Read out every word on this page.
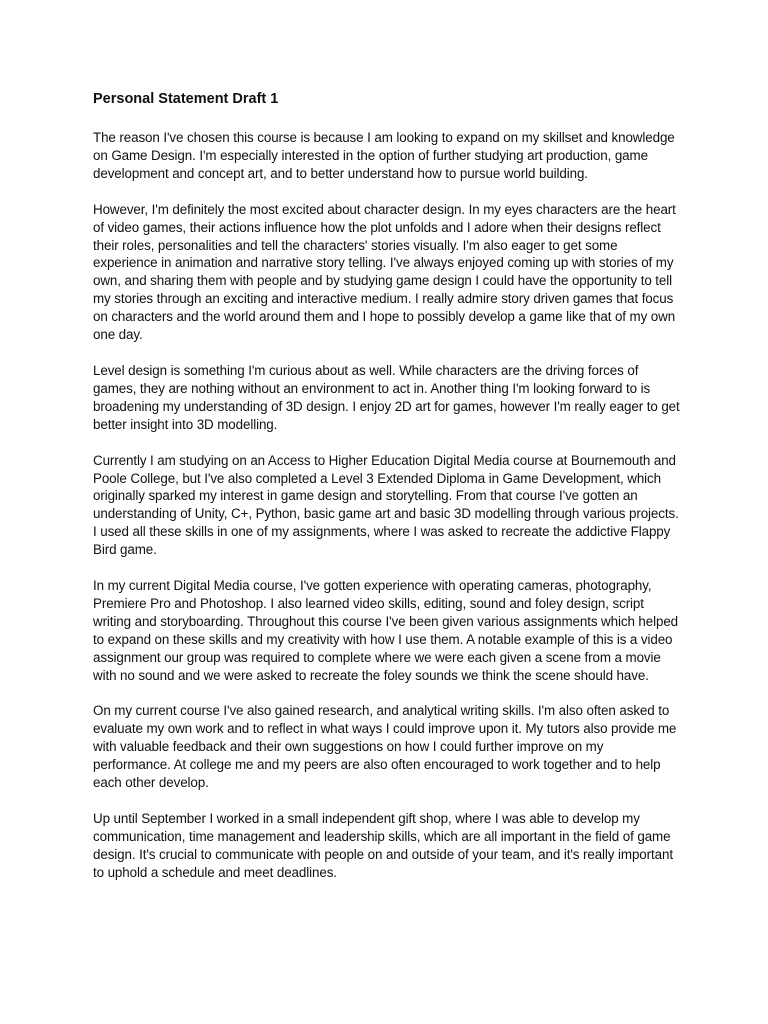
Personal Statement Draft 1

The reason I've chosen this course is because I am looking to expand on my skillset and knowledge on Game Design. I'm especially interested in the option of further studying art production, game development and concept art, and to better understand how to pursue world building.

However, I'm definitely the most excited about character design. In my eyes characters are the heart of video games, their actions influence how the plot unfolds and I adore when their designs reflect their roles, personalities and tell the characters' stories visually. I'm also eager to get some experience in animation and narrative story telling. I've always enjoyed coming up with stories of my own, and sharing them with people and by studying game design I could have the opportunity to tell my stories through an exciting and interactive medium. I really admire story driven games that focus on characters and the world around them and I hope to possibly develop a game like that of my own one day.

Level design is something I'm curious about as well. While characters are the driving forces of games, they are nothing without an environment to act in. Another thing I'm looking forward to is broadening my understanding of 3D design. I enjoy 2D art for games, however I'm really eager to get better insight into 3D modelling.

Currently I am studying on an Access to Higher Education Digital Media course at Bournemouth and Poole College, but I've also completed a Level 3 Extended Diploma in Game Development, which originally sparked my interest in game design and storytelling. From that course I've gotten an understanding of Unity, C+, Python, basic game art and basic 3D modelling through various projects. I used all these skills in one of my assignments, where I was asked to recreate the addictive Flappy Bird game.

In my current Digital Media course, I've gotten experience with operating cameras, photography, Premiere Pro and Photoshop. I also learned video skills, editing, sound and foley design, script writing and storyboarding. Throughout this course I've been given various assignments which helped to expand on these skills and my creativity with how I use them. A notable example of this is a video assignment our group was required to complete where we were each given a scene from a movie with no sound and we were asked to recreate the foley sounds we think the scene should have.

On my current course I've also gained research, and analytical writing skills. I'm also often asked to evaluate my own work and to reflect in what ways I could improve upon it. My tutors also provide me with valuable feedback and their own suggestions on how I could further improve on my performance. At college me and my peers are also often encouraged to work together and to help each other develop.

Up until September I worked in a small independent gift shop, where I was able to develop my communication, time management and leadership skills, which are all important in the field of game design. It's crucial to communicate with people on and outside of your team, and it's really important to uphold a schedule and meet deadlines.
